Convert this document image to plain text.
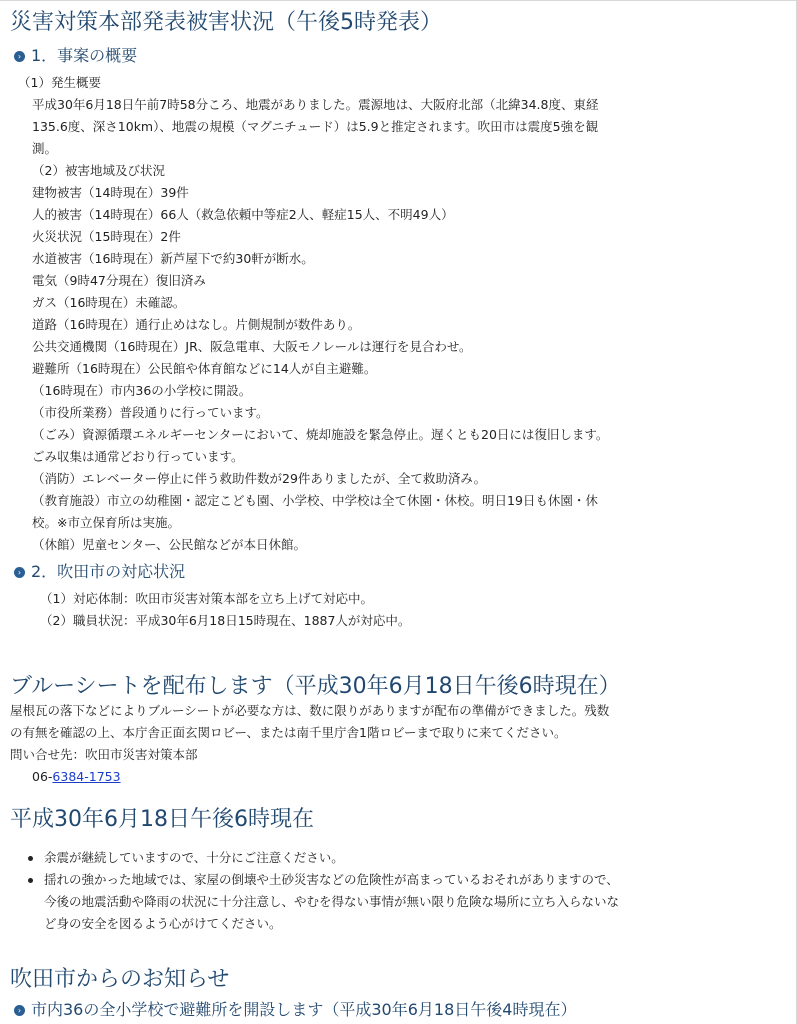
災害対策本部発表被害状況（午後5時発表）
› 1．事案の概要
（1）発生概要
平成30年6月18日午前7時58分ころ、地震がありました。震源地は、大阪府北部（北緯34.8度、東経
135.6度、深さ10km）、地震の規模（マグニチュード）は5.9と推定されます。吹田市は震度5強を観
測。
（2）被害地域及び状況
建物被害（14時現在）39件
人的被害（14時現在）66人（救急依頼中等症2人、軽症15人、不明49人）
火災状況（15時現在）2件
水道被害（16時現在）新芦屋下で約30軒が断水。
電気（9時47分現在）復旧済み
ガス（16時現在）未確認。
道路（16時現在）通行止めはなし。片側規制が数件あり。
公共交通機関（16時現在）JR、阪急電車、大阪モノレールは運行を見合わせ。
避難所（16時現在）公民館や体育館などに14人が自主避難。
（16時現在）市内36の小学校に開設。
（市役所業務）普段通りに行っています。
（ごみ）資源循環エネルギーセンターにおいて、焼却施設を緊急停止。遅くとも20日には復旧します。
ごみ収集は通常どおり行っています。
（消防）エレベーター停止に伴う救助件数が29件ありましたが、全て救助済み。
（教育施設）市立の幼稚園・認定こども園、小学校、中学校は全て休園・休校。明日19日も休園・休
校。※市立保育所は実施。
（休館）児童センター、公民館などが本日休館。
› 2．吹田市の対応状況
（1）対応体制：吹田市災害対策本部を立ち上げて対応中。
（2）職員状況：平成30年6月18日15時現在、1887人が対応中。
ブルーシートを配布します（平成30年6月18日午後6時現在）
屋根瓦の落下などによりブルーシートが必要な方は、数に限りがありますが配布の準備ができました。残数
の有無を確認の上、本庁舎正面玄関ロビー、または南千里庁舎1階ロビーまで取りに来てください。
問い合せ先：吹田市災害対策本部
06-6384-1753
平成30年6月18日午後6時現在
余震が継続していますので、十分にご注意ください。
揺れの強かった地域では、家屋の倒壊や土砂災害などの危険性が高まっているおそれがありますので、
今後の地震活動や降雨の状況に十分注意し、やむを得ない事情が無い限り危険な場所に立ち入らないな
ど身の安全を図るよう心がけてください。
吹田市からのお知らせ
› 市内36の全小学校で避難所を開設します（平成30年6月18日午後4時現在）
